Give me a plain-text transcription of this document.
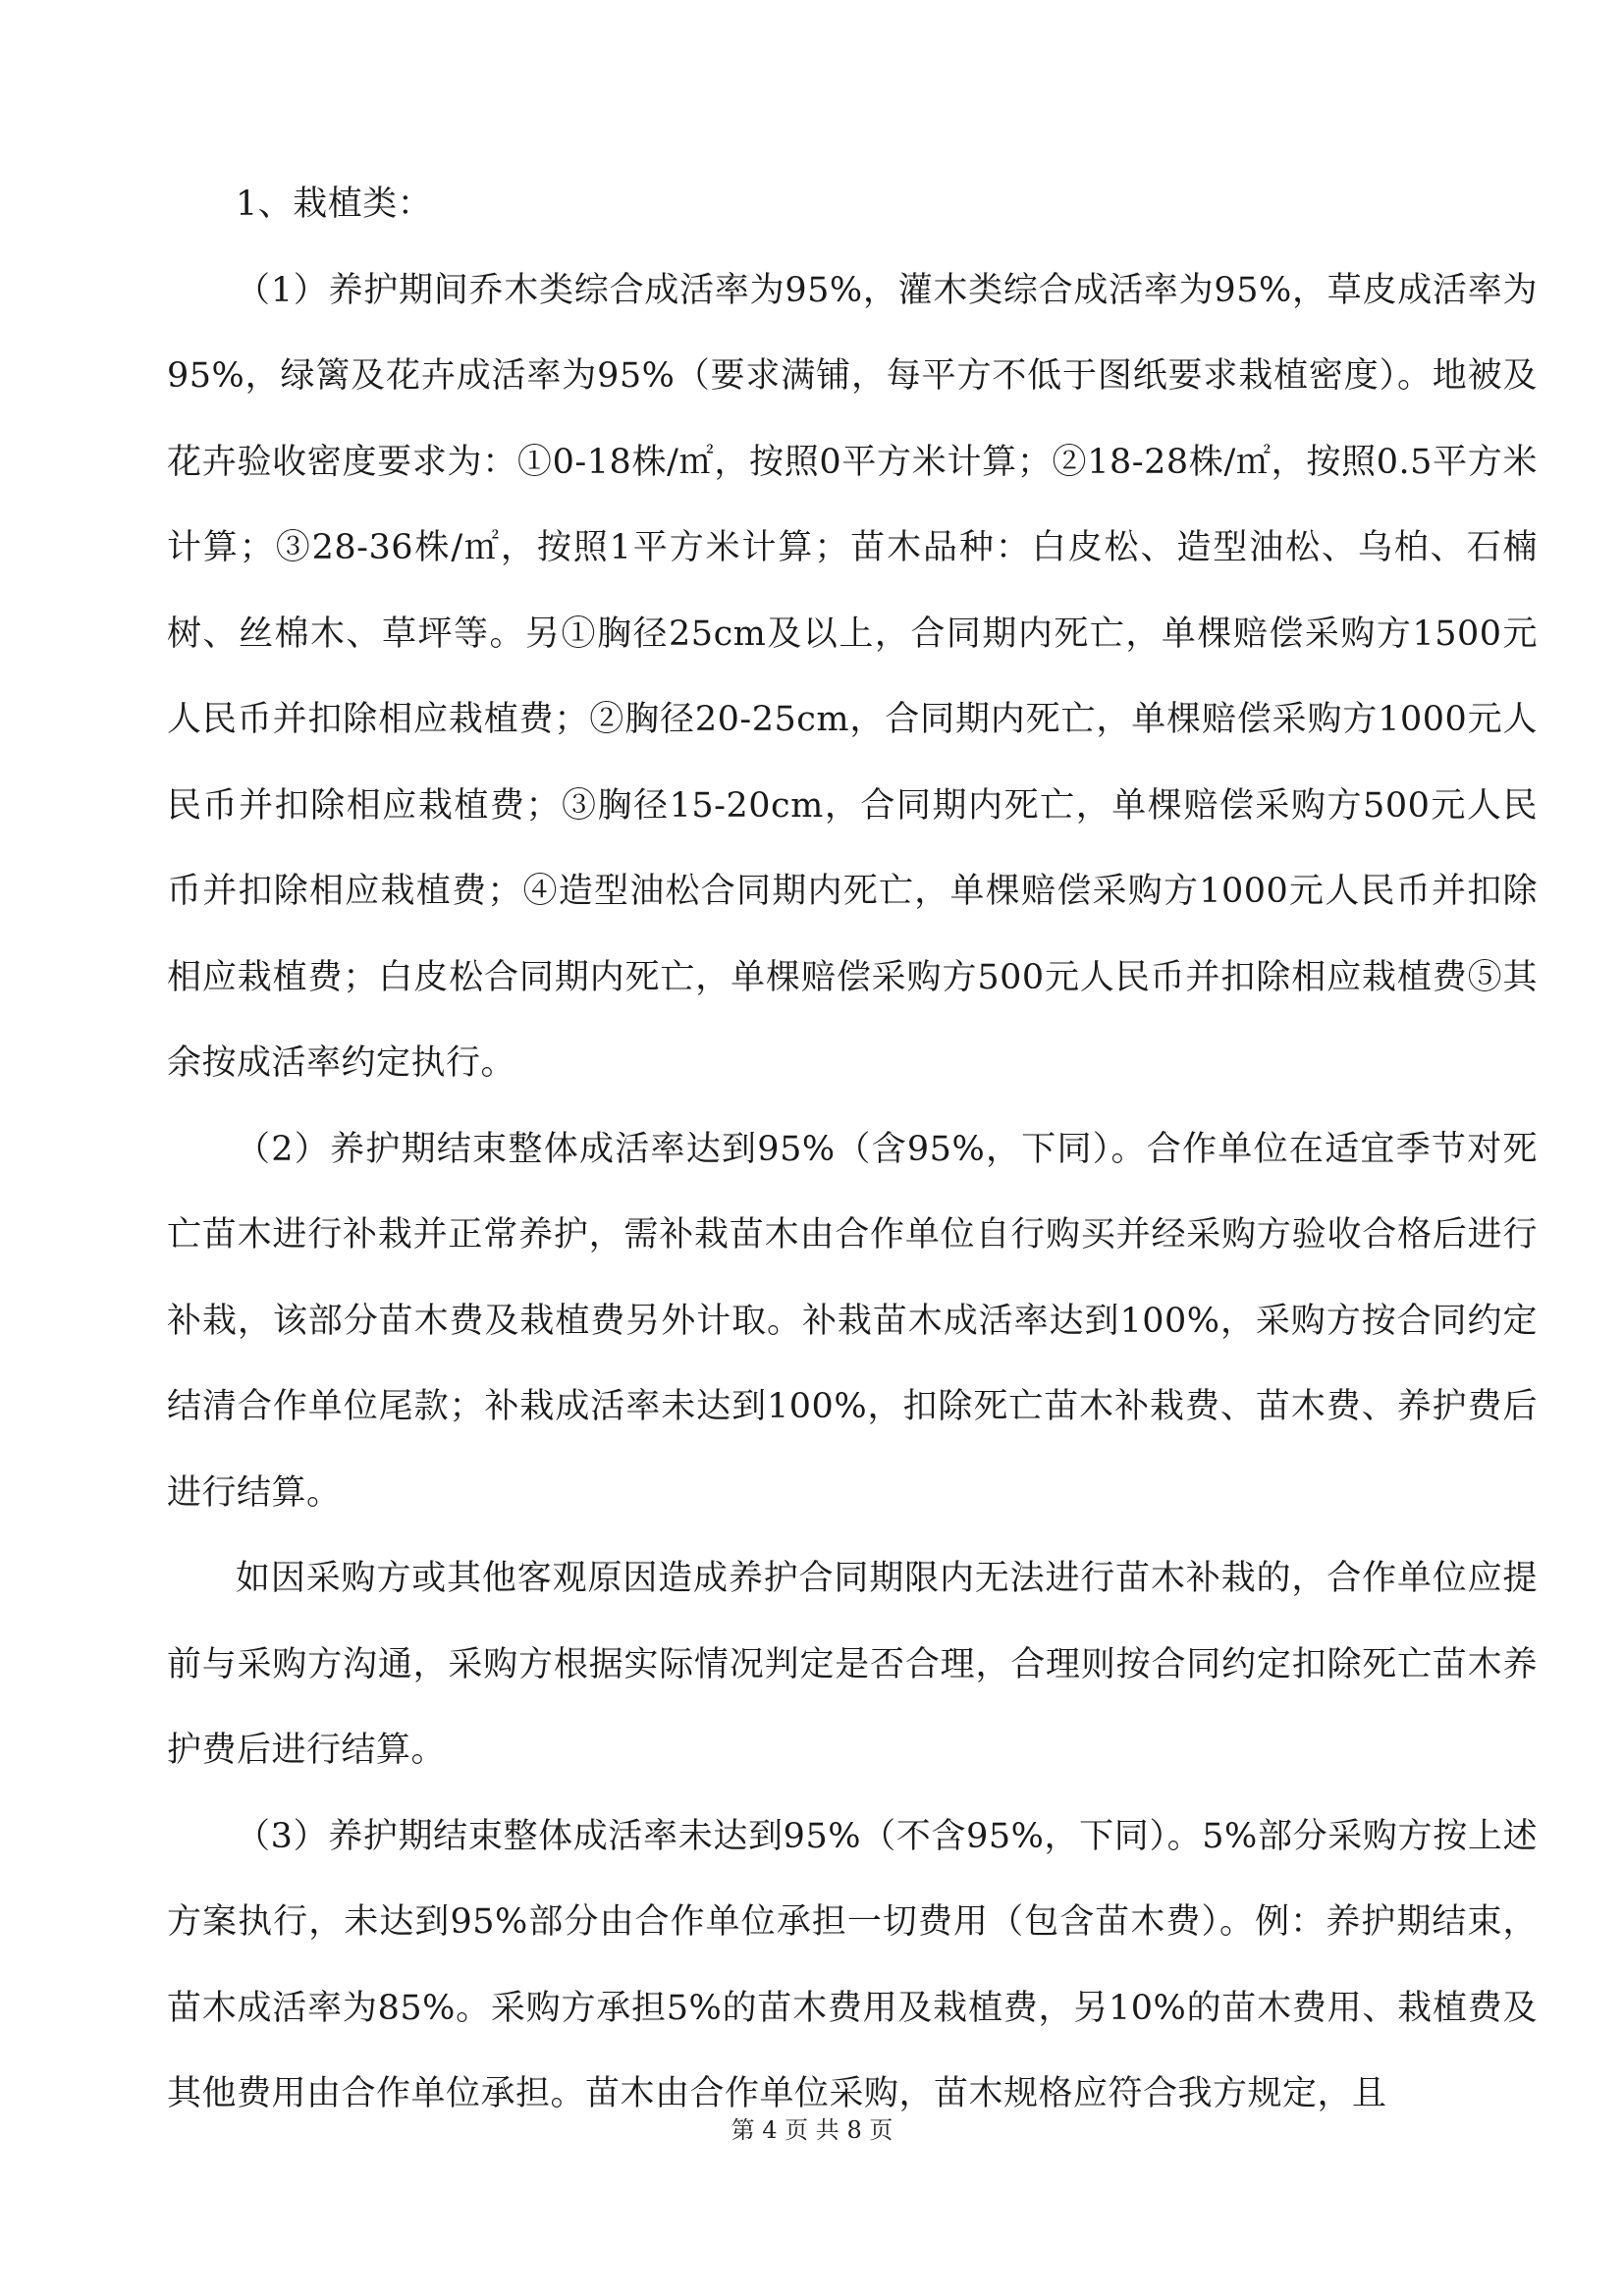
1、栽植类：

（1）养护期间乔木类综合成活率为95%，灌木类综合成活率为95%，草皮成活率为95%，绿篱及花卉成活率为95%（要求满铺，每平方不低于图纸要求栽植密度）。地被及花卉验收密度要求为：①0-18株/㎡，按照0平方米计算；②18-28株/㎡，按照0.5平方米计算；③28-36株/㎡，按照1平方米计算；苗木品种：白皮松、造型油松、乌柏、石楠树、丝棉木、草坪等。另①胸径25cm及以上，合同期内死亡，单棵赔偿采购方1500元人民币并扣除相应栽植费；②胸径20-25cm，合同期内死亡，单棵赔偿采购方1000元人民币并扣除相应栽植费；③胸径15-20cm，合同期内死亡，单棵赔偿采购方500元人民币并扣除相应栽植费；④造型油松合同期内死亡，单棵赔偿采购方1000元人民币并扣除相应栽植费；白皮松合同期内死亡，单棵赔偿采购方500元人民币并扣除相应栽植费⑤其余按成活率约定执行。

（2）养护期结束整体成活率达到95%（含95%，下同）。合作单位在适宜季节对死亡苗木进行补栽并正常养护，需补栽苗木由合作单位自行购买并经采购方验收合格后进行补栽，该部分苗木费及栽植费另外计取。补栽苗木成活率达到100%，采购方按合同约定结清合作单位尾款；补栽成活率未达到100%，扣除死亡苗木补栽费、苗木费、养护费后进行结算。

如因采购方或其他客观原因造成养护合同期限内无法进行苗木补栽的，合作单位应提前与采购方沟通，采购方根据实际情况判定是否合理，合理则按合同约定扣除死亡苗木养护费后进行结算。

（3）养护期结束整体成活率未达到95%（不含95%，下同）。5%部分采购方按上述方案执行，未达到95%部分由合作单位承担一切费用（包含苗木费）。例：养护期结束，苗木成活率为85%。采购方承担5%的苗木费用及栽植费，另10%的苗木费用、栽植费及其他费用由合作单位承担。苗木由合作单位采购，苗木规格应符合我方规定，且

第 4 页 共 8 页
